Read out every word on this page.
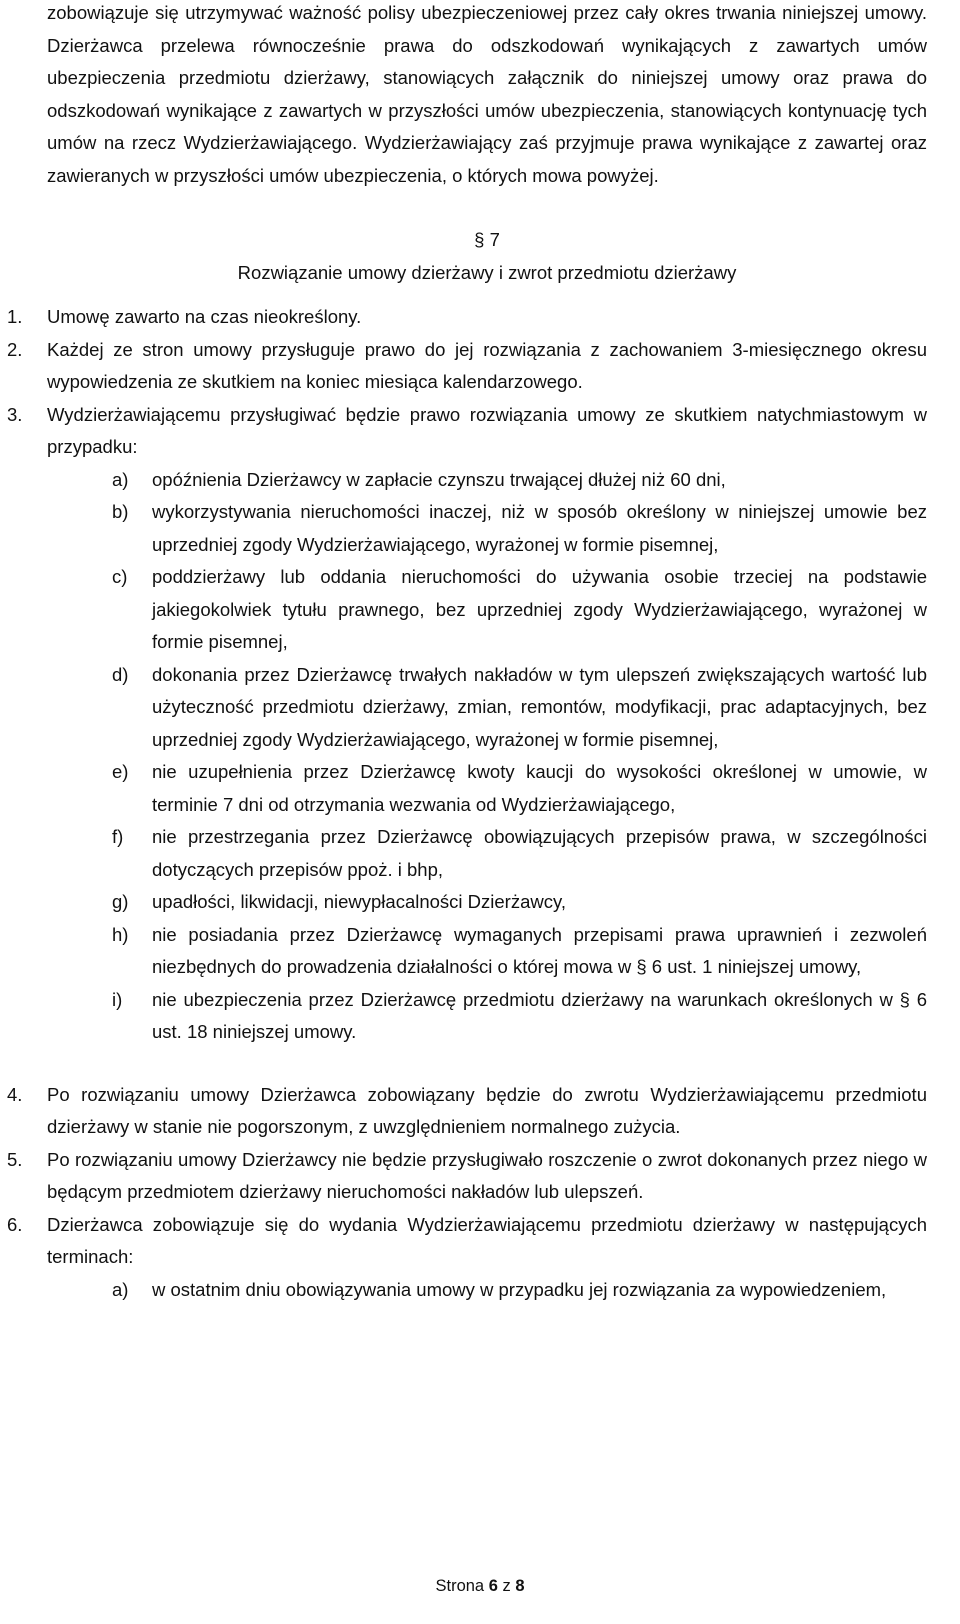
zobowiązuje się utrzymywać ważność polisy ubezpieczeniowej przez cały okres trwania niniejszej umowy. Dzierżawca przelewa równocześnie prawa do odszkodowań wynikających z zawartych umów ubezpieczenia przedmiotu dzierżawy, stanowiących załącznik do niniejszej umowy oraz prawa do odszkodowań wynikające z zawartych w przyszłości umów ubezpieczenia, stanowiących kontynuację tych umów na rzecz Wydzierżawiającego. Wydzierżawiający zaś przyjmuje prawa wynikające z zawartej oraz zawieranych w przyszłości umów ubezpieczenia, o których mowa powyżej.

§ 7

Rozwiązanie umowy dzierżawy i zwrot przedmiotu dzierżawy

1.	Umowę zawarto na czas nieokreślony.
2.	Każdej ze stron umowy przysługuje prawo do jej rozwiązania z zachowaniem 3-miesięcznego okresu wypowiedzenia ze skutkiem na koniec miesiąca kalendarzowego.
3.	Wydzierżawiającemu przysługiwać będzie prawo rozwiązania umowy ze skutkiem natychmiastowym w przypadku:
a)	opóźnienia Dzierżawcy w zapłacie czynszu trwającej dłużej niż 60 dni,
b)	wykorzystywania nieruchomości inaczej, niż w sposób określony w niniejszej umowie bez uprzedniej zgody Wydzierżawiającego, wyrażonej w formie pisemnej,
c)	poddzierżawy lub oddania nieruchomości do używania osobie trzeciej na podstawie jakiegokolwiek tytułu prawnego, bez uprzedniej zgody Wydzierżawiającego, wyrażonej w formie pisemnej,
d)	dokonania przez Dzierżawcę trwałych nakładów w tym ulepszeń zwiększających wartość lub użyteczność przedmiotu dzierżawy, zmian, remontów, modyfikacji, prac adaptacyjnych, bez uprzedniej zgody Wydzierżawiającego, wyrażonej w formie pisemnej,
e)	nie uzupełnienia przez Dzierżawcę kwoty kaucji do wysokości określonej w umowie, w terminie 7 dni od otrzymania wezwania od Wydzierżawiającego,
f)	nie przestrzegania przez Dzierżawcę obowiązujących przepisów prawa, w szczególności dotyczących przepisów ppoż. i bhp,
g)	upadłości, likwidacji, niewypłacalności Dzierżawcy,
h)	nie posiadania przez Dzierżawcę wymaganych przepisami prawa uprawnień i zezwoleń niezbędnych do prowadzenia działalności o której mowa w § 6 ust. 1 niniejszej umowy,
i)	nie ubezpieczenia przez Dzierżawcę przedmiotu dzierżawy na warunkach określonych w § 6 ust. 18 niniejszej umowy.
4.	Po rozwiązaniu umowy Dzierżawca zobowiązany będzie do zwrotu Wydzierżawiającemu przedmiotu dzierżawy w stanie nie pogorszonym, z uwzględnieniem normalnego zużycia.
5.	Po rozwiązaniu umowy Dzierżawcy nie będzie przysługiwało roszczenie o zwrot dokonanych przez niego w będącym przedmiotem dzierżawy nieruchomości nakładów lub ulepszeń.
6.	Dzierżawca zobowiązuje się do wydania Wydzierżawiającemu przedmiotu dzierżawy w następujących terminach:
a)	w ostatnim dniu obowiązywania umowy w przypadku jej rozwiązania za wypowiedzeniem,
Strona 6 z 8
